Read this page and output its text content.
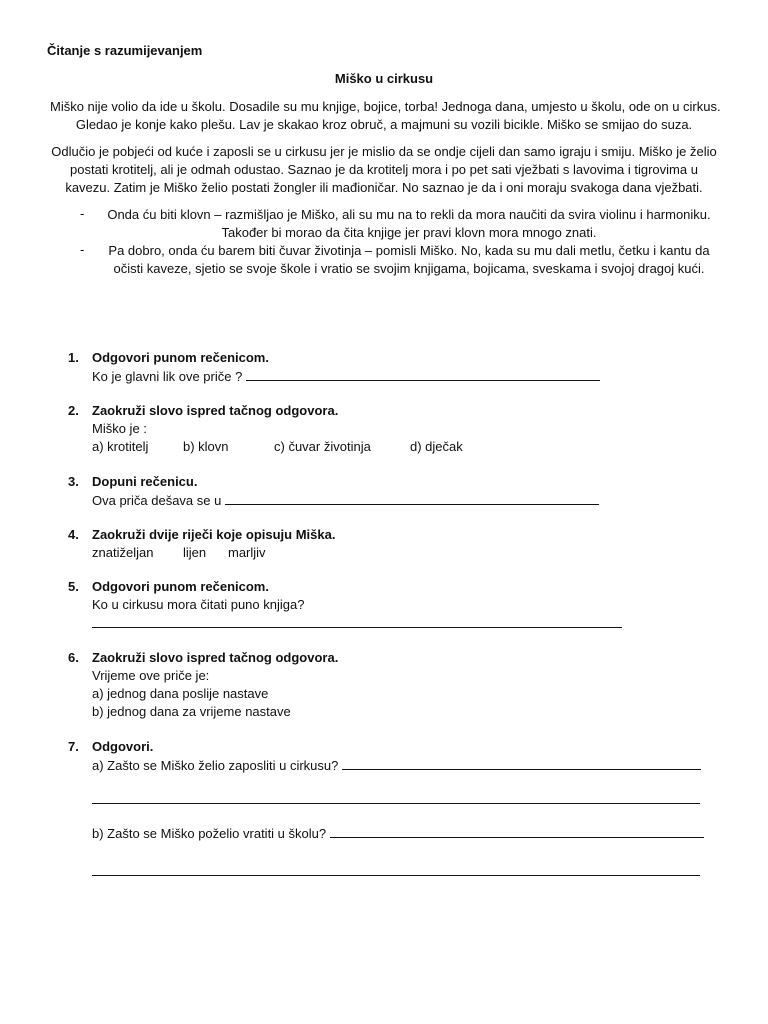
Čitanje s razumijevanjem
Miško u cirkusu

Miško nije volio da ide u školu. Dosadile su mu knjige, bojice, torba! Jednoga dana, umjesto u školu, ode on u cirkus.
Gledao je konje kako plešu. Lav je skakao kroz obruč, a majmuni su vozili bicikle. Miško se smijao do suza.

Odlučio je pobjeći od kuće i zaposli se u cirkusu jer je mislio da se ondje cijeli dan samo igraju i smiju. Miško je želio
postati krotitelj, ali je odmah odustao. Saznao je da krotitelj mora i po pet sati vježbati s lavovima i tigrovima u
kavezu. Zatim je Miško želio postati žongler ili mađioničar. No saznao je da i oni moraju svakoga dana vježbati.

-	Onda ću biti klovn – razmišljao je Miško, ali su mu na to rekli da mora naučiti da svira violinu i harmoniku.
Također bi morao da čita knjige jer pravi klovn mora mnogo znati.

-	Pa dobro, onda ću barem biti čuvar životinja – pomisli Miško. No, kada su mu dali metlu, četku i kantu da
očisti kaveze, sjetio se svoje škole i vratio se svojim knjigama, bojicama, sveskama i svojoj dragoj kući.

1. Odgovori punom rečenicom.
Ko je glavni lik ove priče ?
2. Zaokruži slovo ispred tačnog odgovora.
Miško je :
a) krotitelj	b) klovn	c) čuvar životinja	d) dječak
3. Dopuni rečenicu.
Ova priča dešava se u
4. Zaokruži dvije riječi koje opisuju Miška.
znatiželjan lijen marljiv
5. Odgovori punom rečenicom.
Ko u cirkusu mora čitati puno knjiga?
6. Zaokruži slovo ispred tačnog odgovora.
Vrijeme ove priče je:
a) jednog dana poslije nastave
b) jednog dana za vrijeme nastave
7. Odgovori.
a) Zašto se Miško želio zaposliti u cirkusu?
b) Zašto se Miško poželio vratiti u školu?
